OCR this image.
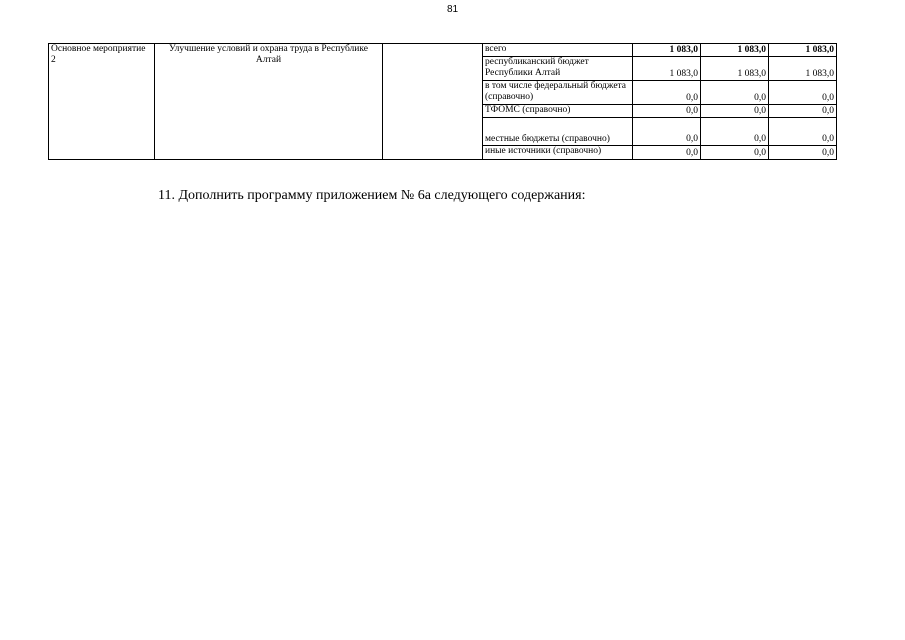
81
Основное мероприятие 2	Улучшение условий и охрана труда в Республике Алтай		всего	1 083,0	1 083,0	1 083,0
			республиканский бюджет Республики Алтай	1 083,0	1 083,0	1 083,0
			в том числе федеральный бюджета (справочно)	0,0	0,0	0,0
			ТФОМС (справочно)	0,0	0,0	0,0
			местные бюджеты (справочно)	0,0	0,0	0,0
			иные источники (справочно)	0,0	0,0	0,0
11. Дополнить программу приложением № 6а следующего содержания:
